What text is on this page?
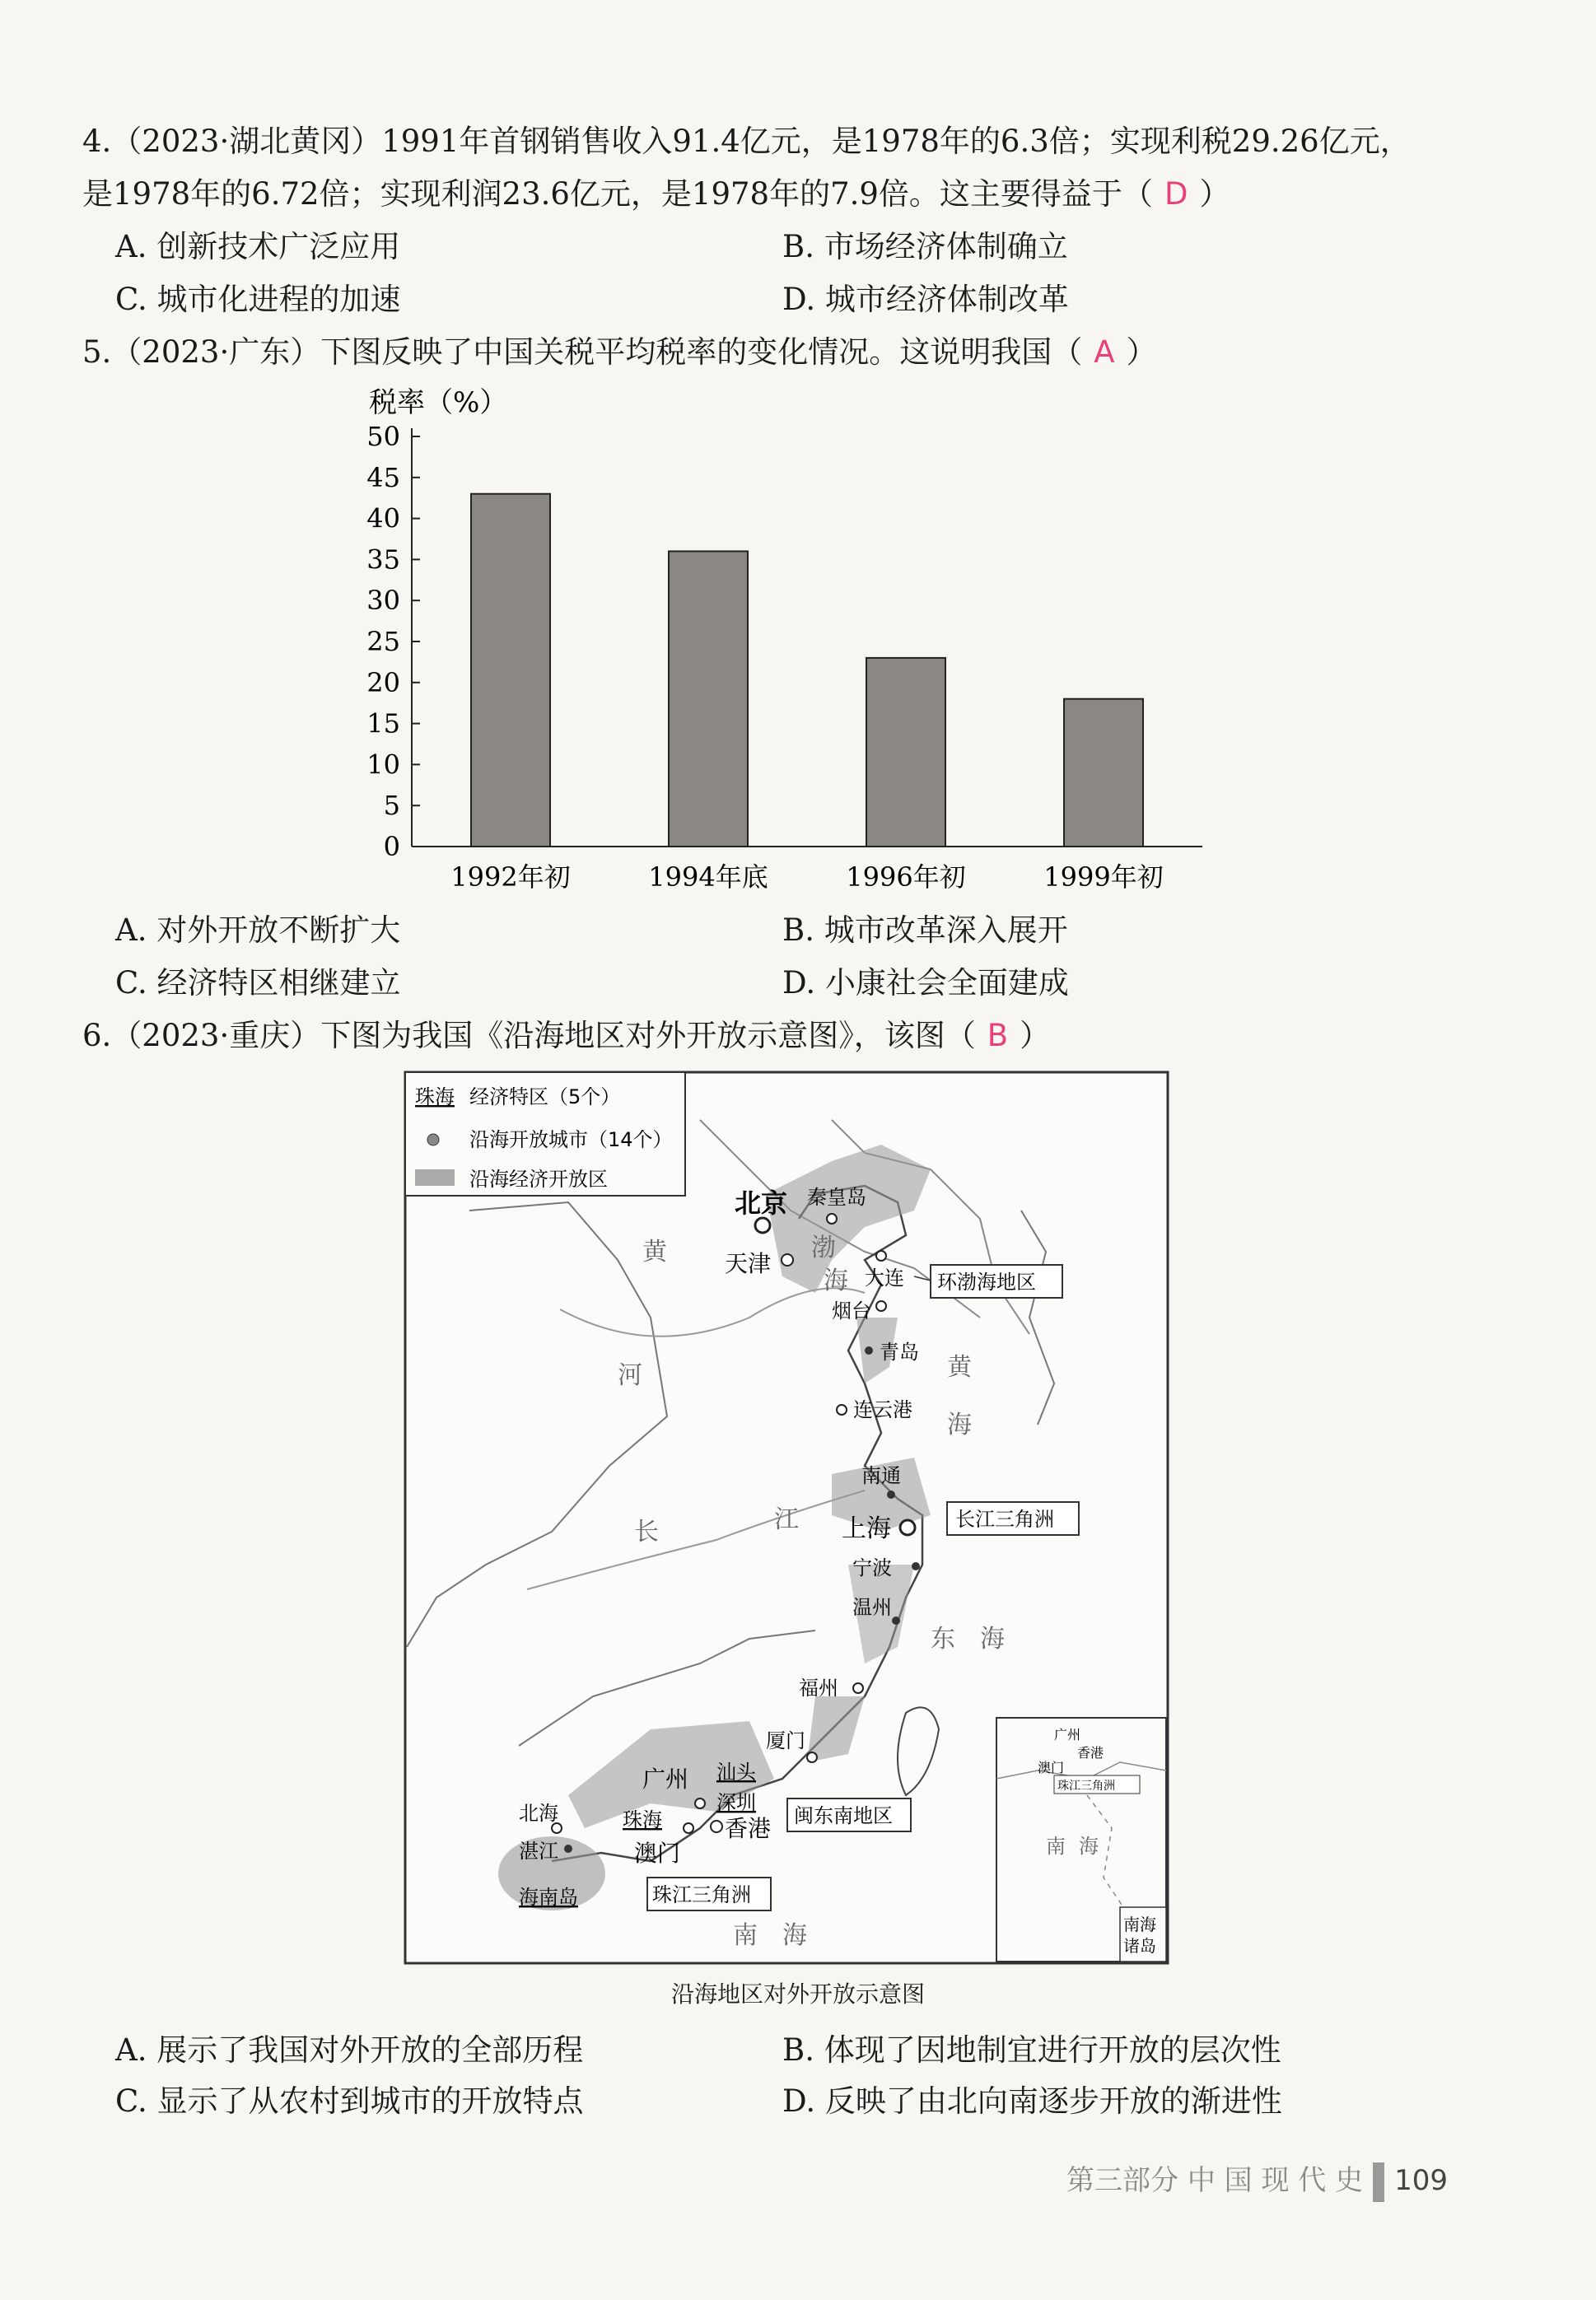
4.（2023·湖北黄冈）1991年首钢销售收入91.4亿元，是1978年的6.3倍；实现利税29.26亿元，
是1978年的6.72倍；实现利润23.6亿元，是1978年的7.9倍。这主要得益于（ D ）
A. 创新技术广泛应用	B. 市场经济体制确立
C. 城市化进程的加速	D. 城市经济体制改革
5.（2023·广东）下图反映了中国关税平均税率的变化情况。这说明我国（ A ）
税率（%）
0
5
10
15
20
25
30
35
40
45
50
1992年初	1994年底	1996年初	1999年初
A. 对外开放不断扩大	B. 城市改革深入展开
C. 经济特区相继建立	D. 小康社会全面建成
6.（2023·重庆）下图为我国《沿海地区对外开放示意图》，该图（ B ）
珠海 经济特区（5个）
沿海开放城市（14个）
沿海经济开放区
黄
河
长	江
渤
海
黄
海
东 海
南 海
北京 秦皇岛
天津
大连
烟台
青岛
连云港
南通
上海
宁波
温州
福州
厦门
汕头
深圳
广州
珠海	香港
澳门
北海
湛江
海南岛
环渤海地区
长江三角洲
闽东南地区
珠江三角洲
广州
香港
澳门
珠江三角洲
南 海
南海
诸岛
沿海地区对外开放示意图
A. 展示了我国对外开放的全部历程	B. 体现了因地制宜进行开放的层次性
C. 显示了从农村到城市的开放特点	D. 反映了由北向南逐步开放的渐进性
第三部分 中 国 现 代 史 109
